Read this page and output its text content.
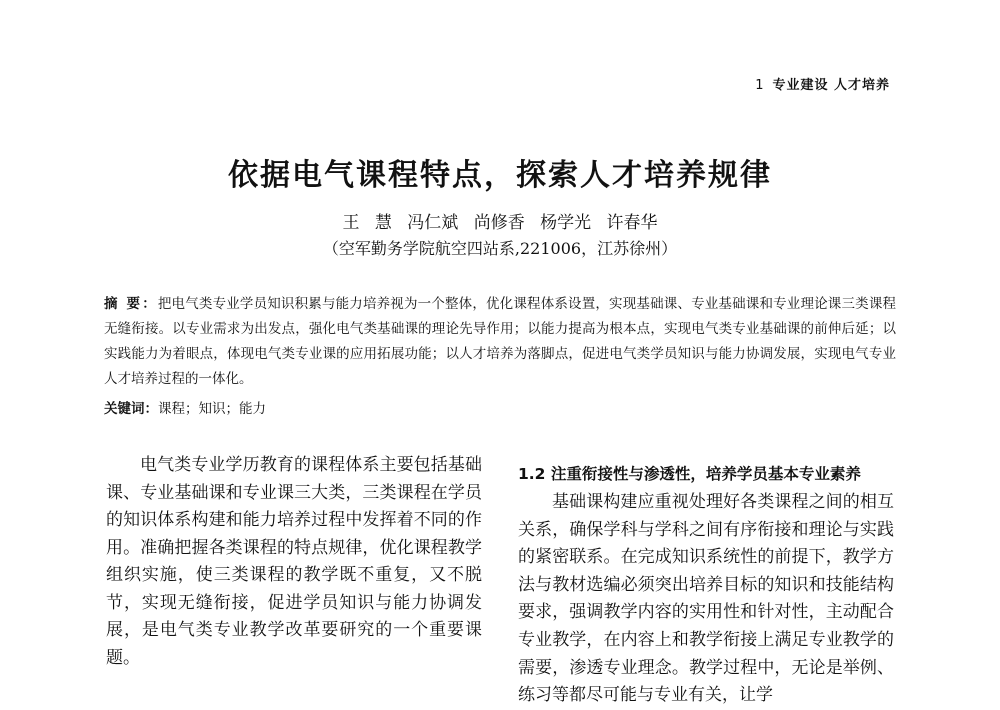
1 专业建设 人才培养
依据电气课程特点，探索人才培养规律
王 慧 冯仁斌 尚修香 杨学光 许春华
（空军勤务学院航空四站系,221006，江苏徐州）
摘 要：把电气类专业学员知识积累与能力培养视为一个整体，优化课程体系设置，实现基础课、专业基础课和专业理论课三类课程无缝衔接。以专业需求为出发点，强化电气类基础课的理论先导作用；以能力提高为根本点，实现电气类专业基础课的前伸后延；以实践能力为着眼点，体现电气类专业课的应用拓展功能；以人才培养为落脚点，促进电气类学员知识与能力协调发展，实现电气专业人才培养过程的一体化。
关键词：课程；知识；能力

电气类专业学历教育的课程体系主要包括基础课、专业基础课和专业课三大类，三类课程在学员的知识体系构建和能力培养过程中发挥着不同的作用。准确把握各类课程的特点规律，优化课程教学组织实施，使三类课程的教学既不重复，又不脱节，实现无缝衔接，促进学员知识与能力协调发展，是电气类专业教学改革要研究的一个重要课题。

1.2 注重衔接性与渗透性，培养学员基本专业素养

基础课构建应重视处理好各类课程之间的相互关系，确保学科与学科之间有序衔接和理论与实践的紧密联系。在完成知识系统性的前提下，教学方法与教材选编必须突出培养目标的知识和技能结构要求，强调教学内容的实用性和针对性，主动配合专业教学，在内容上和教学衔接上满足专业教学的需要，渗透专业理念。教学过程中，无论是举例、练习等都尽可能与专业有关，让学
